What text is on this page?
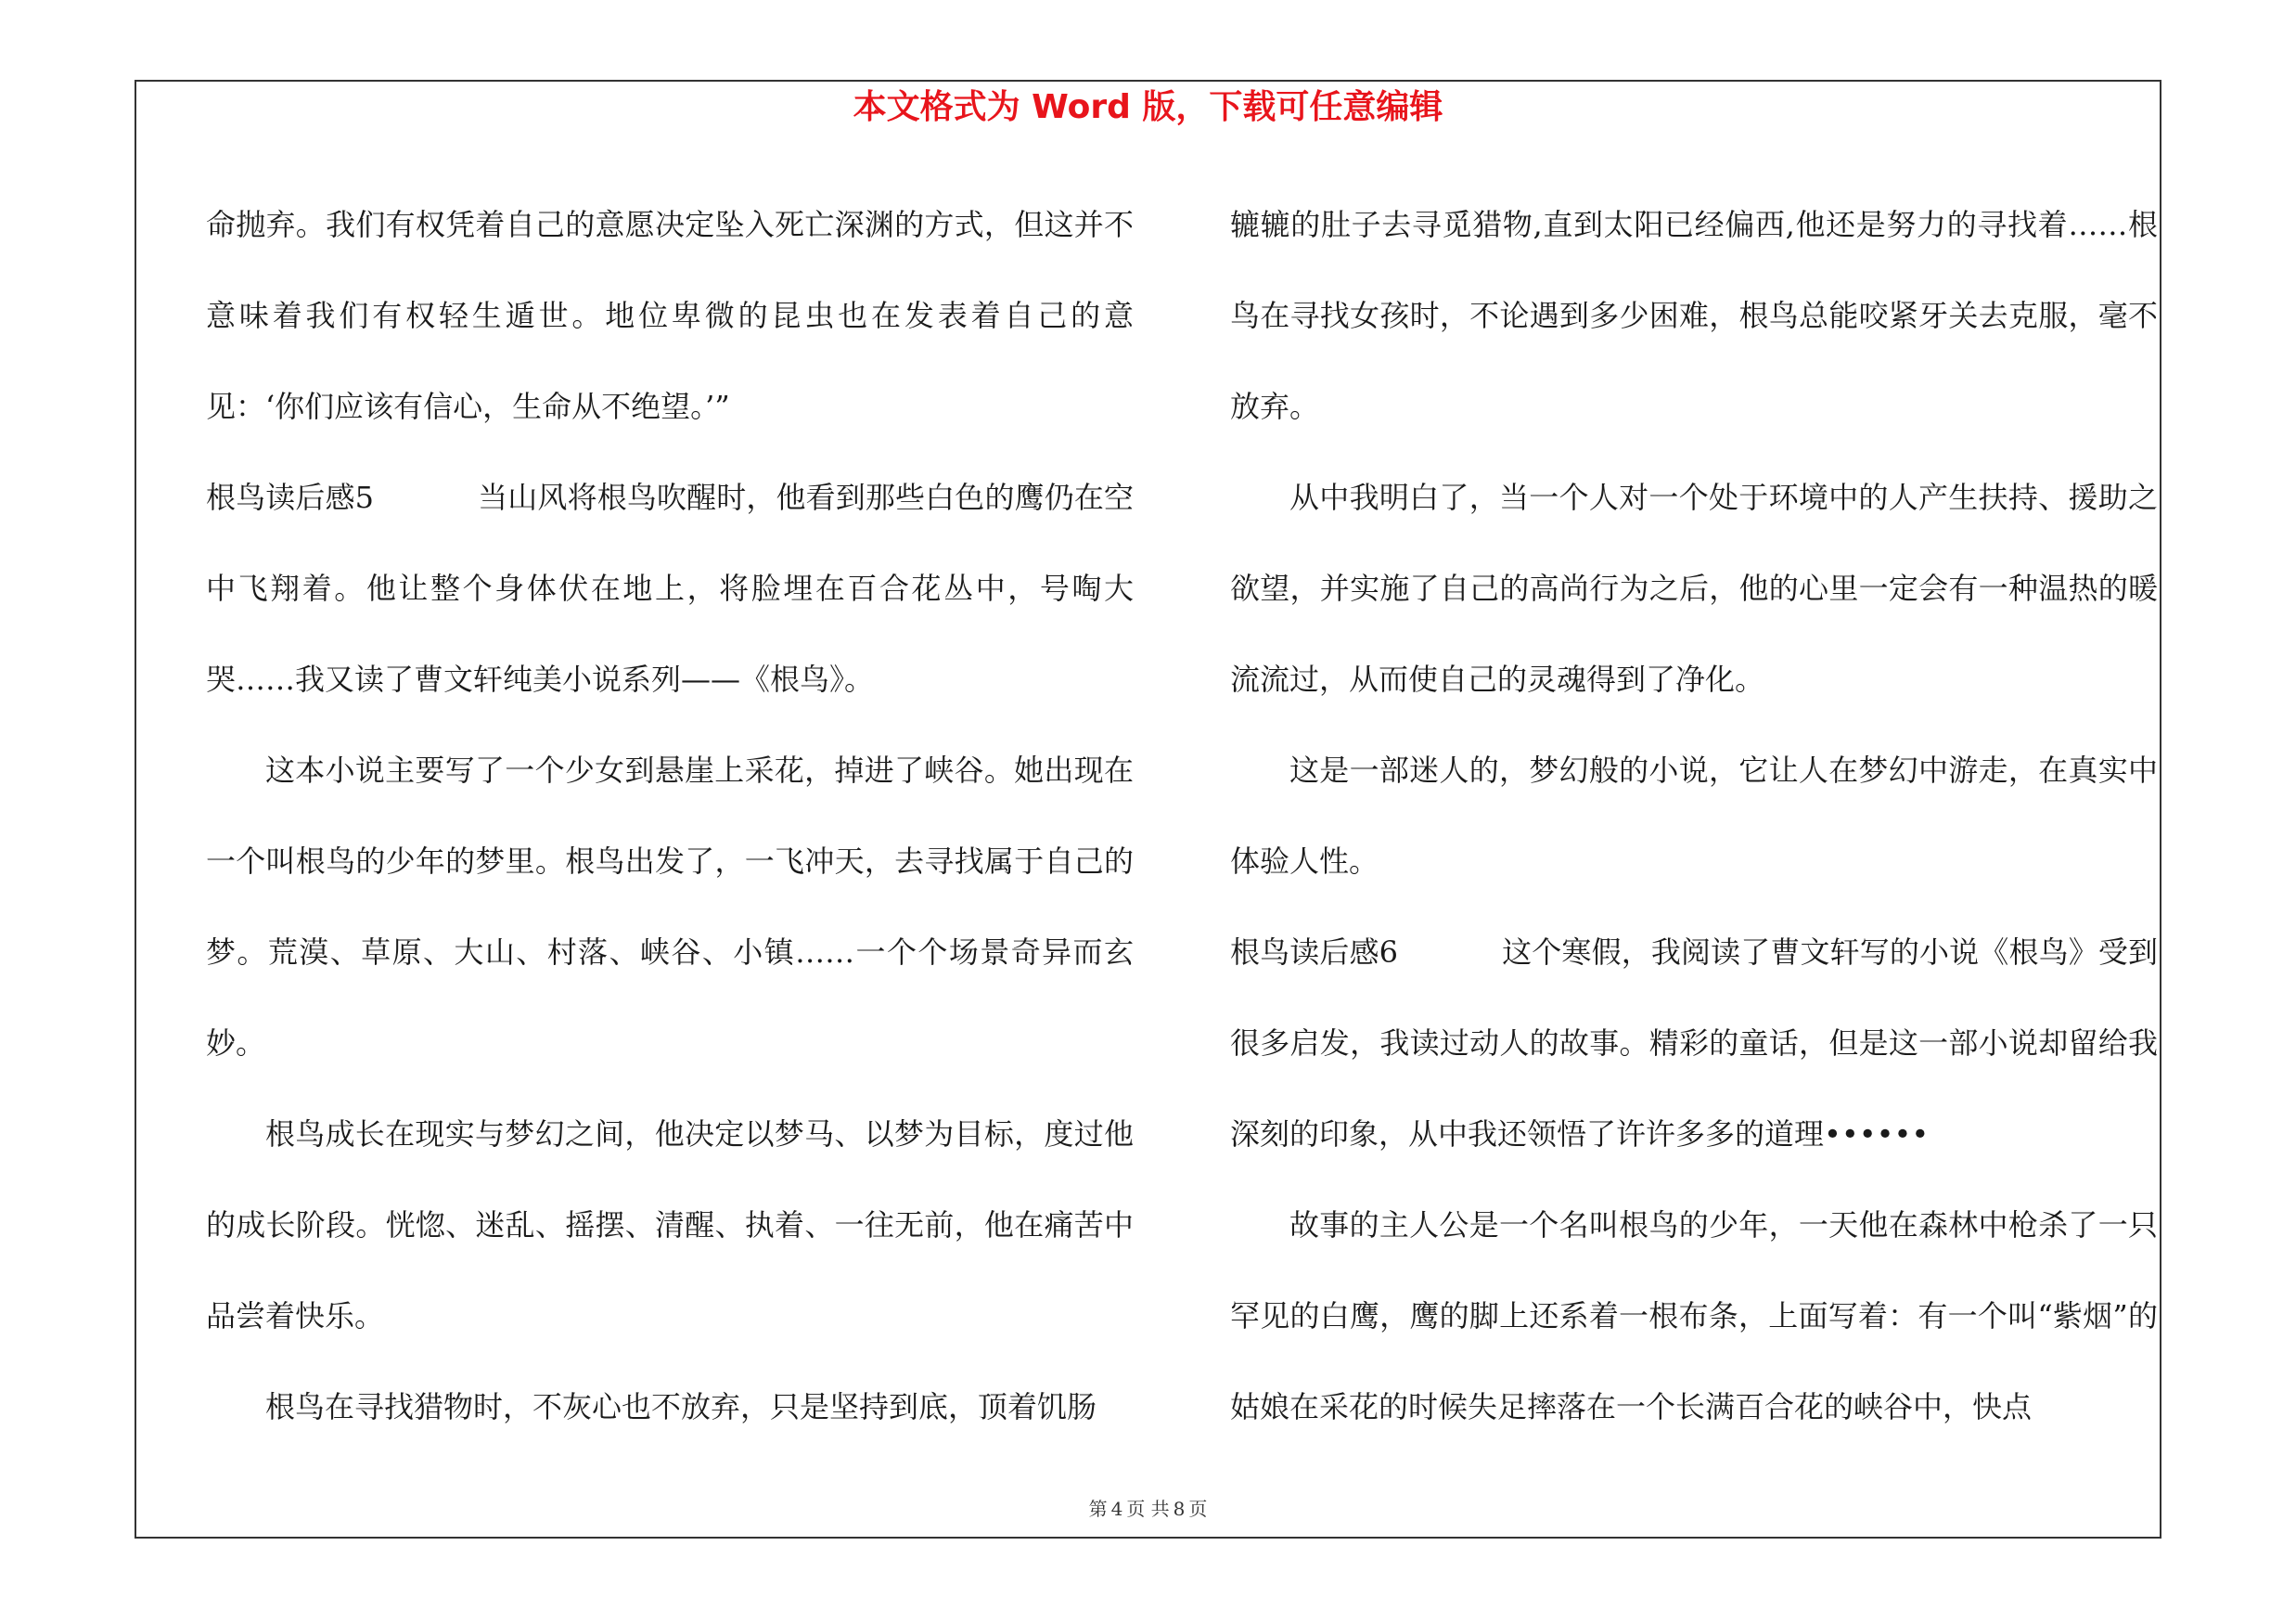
本文格式为 Word 版，下载可任意编辑

命抛弃。我们有权凭着自己的意愿决定坠入死亡深渊的方式，但这并不意味着我们有权轻生遁世。地位卑微的昆虫也在发表着自己的意见：‘你们应该有信心，生命从不绝望。’”

根鸟读后感5	当山风将根鸟吹醒时，他看到那些白色的鹰仍在空中飞翔着。他让整个身体伏在地上，将脸埋在百合花丛中，号啕大哭……我又读了曹文轩纯美小说系列——《根鸟》。

这本小说主要写了一个少女到悬崖上采花，掉进了峡谷。她出现在一个叫根鸟的少年的梦里。根鸟出发了，一飞冲天，去寻找属于自己的梦。荒漠、草原、大山、村落、峡谷、小镇……一个个场景奇异而玄妙。

根鸟成长在现实与梦幻之间，他决定以梦马、以梦为目标，度过他的成长阶段。恍惚、迷乱、摇摆、清醒、执着、一往无前，他在痛苦中品尝着快乐。

根鸟在寻找猎物时，不灰心也不放弃，只是坚持到底，顶着饥肠

辘辘的肚子去寻觅猎物,直到太阳已经偏西,他还是努力的寻找着……根鸟在寻找女孩时，不论遇到多少困难，根鸟总能咬紧牙关去克服，毫不放弃。

从中我明白了，当一个人对一个处于环境中的人产生扶持、援助之欲望，并实施了自己的高尚行为之后，他的心里一定会有一种温热的暖流流过，从而使自己的灵魂得到了净化。

这是一部迷人的，梦幻般的小说，它让人在梦幻中游走，在真实中体验人性。

根鸟读后感6	这个寒假，我阅读了曹文轩写的小说《根鸟》受到很多启发，我读过动人的故事。精彩的童话，但是这一部小说却留给我深刻的印象，从中我还领悟了许许多多的道理••••••

故事的主人公是一个名叫根鸟的少年，一天他在森林中枪杀了一只罕见的白鹰，鹰的脚上还系着一根布条，上面写着：有一个叫“紫烟”的姑娘在采花的时候失足摔落在一个长满百合花的峡谷中，快点

第 4 页 共 8 页
